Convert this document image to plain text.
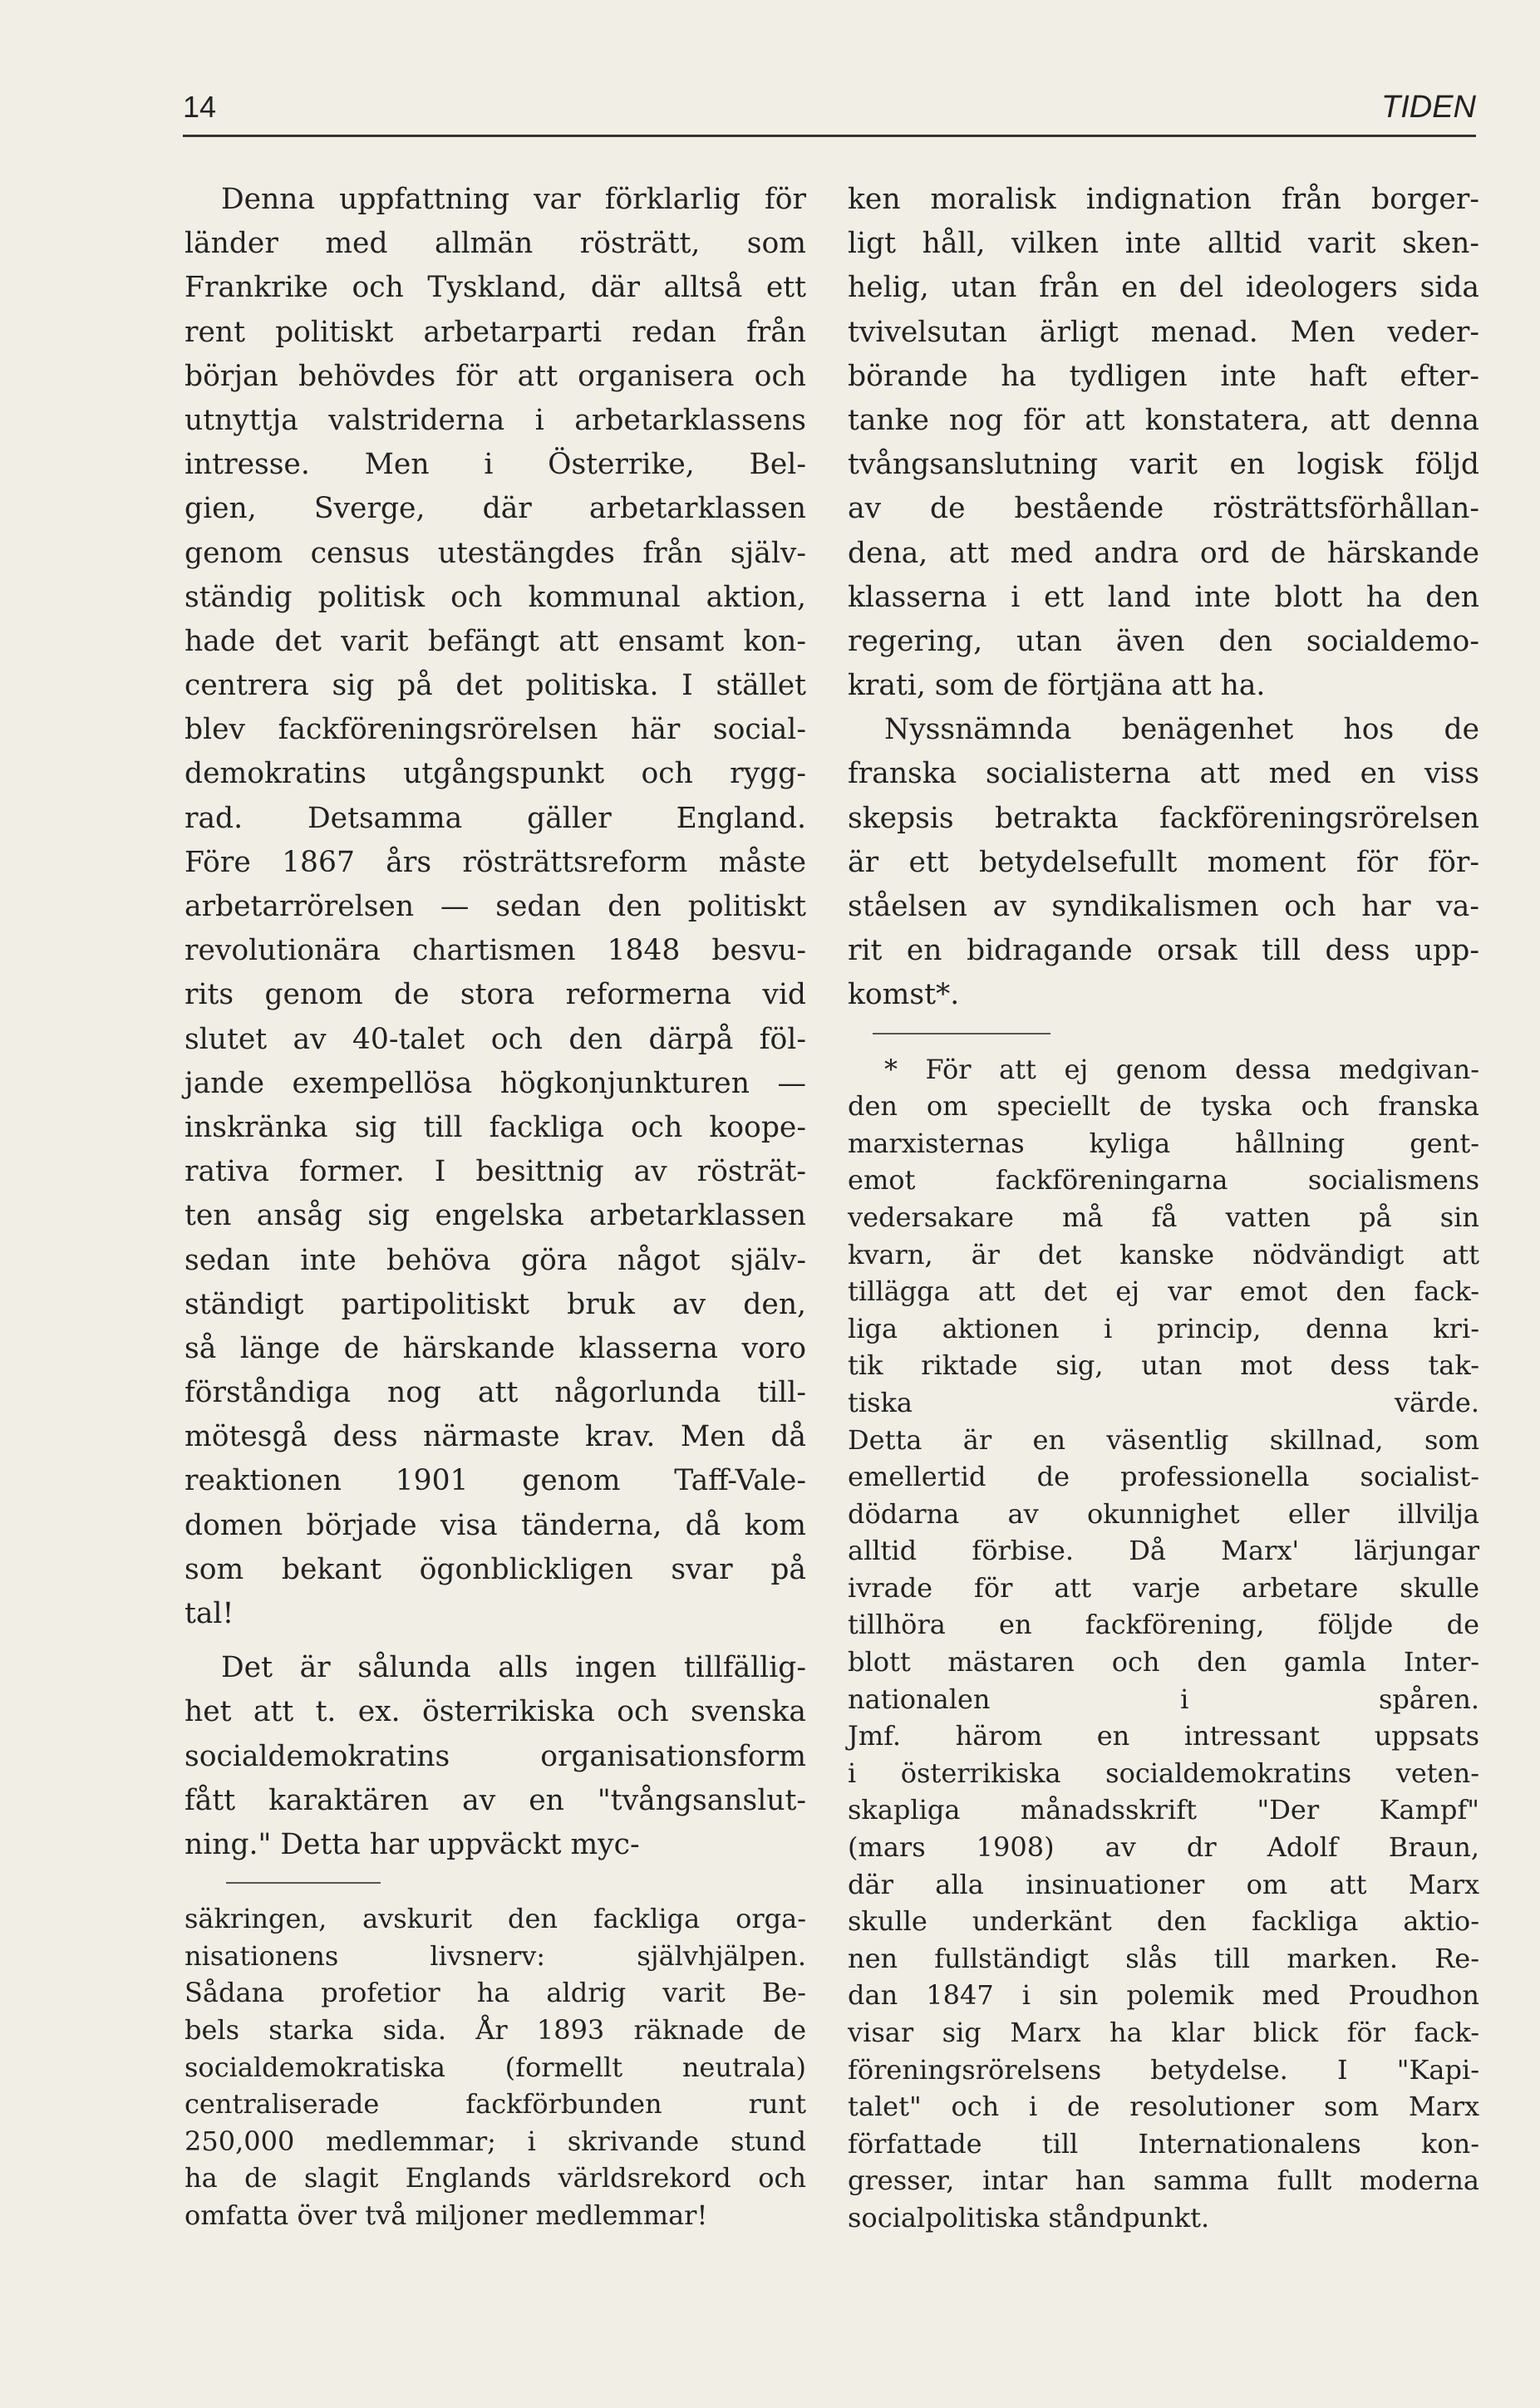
14	TIDEN
Denna uppfattning var förklarlig för
länder med allmän rösträtt, som
Frankrike och Tyskland, där alltså ett
rent politiskt arbetarparti redan från
början behövdes för att organisera och
utnyttja valstriderna i arbetarklassens
intresse. Men i Österrike, Bel-
gien, Sverge, där arbetarklassen
genom census utestängdes från själv-
ständig politisk och kommunal aktion,
hade det varit befängt att ensamt kon-
centrera sig på det politiska. I stället
blev fackföreningsrörelsen här social-
demokratins utgångspunkt och rygg-
rad. Detsamma gäller England.
Före 1867 års rösträttsreform måste
arbetarrörelsen — sedan den politiskt
revolutionära chartismen 1848 besvu-
rits genom de stora reformerna vid
slutet av 40-talet och den därpå föl-
jande exempellösa högkonjunkturen —
inskränka sig till fackliga och koope-
rativa former. I besittnig av rösträt-
ten ansåg sig engelska arbetarklassen
sedan inte behöva göra något själv-
ständigt partipolitiskt bruk av den,
så länge de härskande klasserna voro
förståndiga nog att någorlunda till-
mötesgå dess närmaste krav. Men då
reaktionen 1901 genom Taff-Vale-
domen började visa tänderna, då kom
som bekant ögonblickligen svar på
tal!
Det är sålunda alls ingen tillfällig-
het att t. ex. österrikiska och svenska
socialdemokratins organisationsform
fått karaktären av en "tvångsanslut-
ning." Detta har uppväckt myc-
säkringen, avskurit den fackliga orga-
nisationens livsnerv: självhjälpen.
Sådana profetior ha aldrig varit Be-
bels starka sida. År 1893 räknade de
socialdemokratiska (formellt neutrala)
centraliserade fackförbunden runt
250,000 medlemmar; i skrivande stund
ha de slagit Englands världsrekord och
omfatta över två miljoner medlemmar!
ken moralisk indignation från borger-
ligt håll, vilken inte alltid varit sken-
helig, utan från en del ideologers sida
tvivelsutan ärligt menad. Men veder-
börande ha tydligen inte haft efter-
tanke nog för att konstatera, att denna
tvångsanslutning varit en logisk följd
av de bestående rösträttsförhållan-
dena, att med andra ord de härskande
klasserna i ett land inte blott ha den
regering, utan även den socialdemo-
krati, som de förtjäna att ha.
Nyssnämnda benägenhet hos de
franska socialisterna att med en viss
skepsis betrakta fackföreningsrörelsen
är ett betydelsefullt moment för för-
ståelsen av syndikalismen och har va-
rit en bidragande orsak till dess upp-
komst*.
* För att ej genom dessa medgivan-
den om speciellt de tyska och franska
marxisternas kyliga hållning gent-
emot fackföreningarna socialismens
vedersakare må få vatten på sin
kvarn, är det kanske nödvändigt att
tillägga att det ej var emot den fack-
liga aktionen i princip, denna kri-
tik riktade sig, utan mot dess tak-
tiska värde.
Detta är en väsentlig skillnad, som
emellertid de professionella socialist-
dödarna av okunnighet eller illvilja
alltid förbise. Då Marx' lärjungar
ivrade för att varje arbetare skulle
tillhöra en fackförening, följde de
blott mästaren och den gamla Inter-
nationalen i spåren.
Jmf. härom en intressant uppsats
i österrikiska socialdemokratins veten-
skapliga månadsskrift "Der Kampf"
(mars 1908) av dr Adolf Braun,
där alla insinuationer om att Marx
skulle underkänt den fackliga aktio-
nen fullständigt slås till marken. Re-
dan 1847 i sin polemik med Proudhon
visar sig Marx ha klar blick för fack-
föreningsrörelsens betydelse. I "Kapi-
talet" och i de resolutioner som Marx
författade till Internationalens kon-
gresser, intar han samma fullt moderna
socialpolitiska ståndpunkt.
